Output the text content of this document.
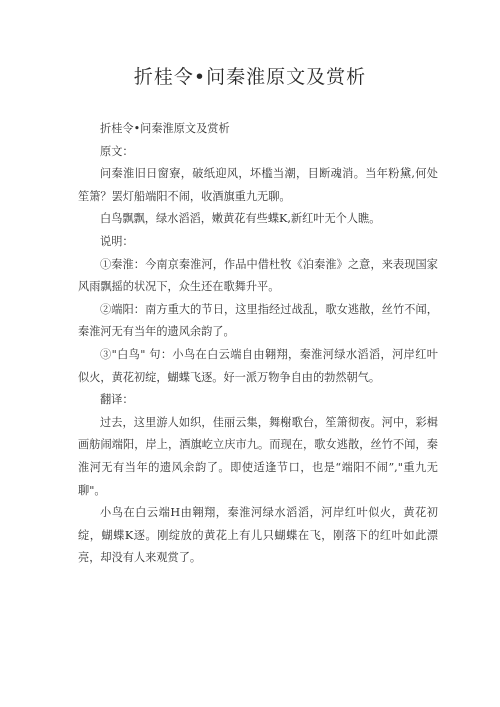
折桂令•问秦淮原文及赏析

折桂令•问秦淮原文及赏析

原文：

问秦淮旧日窗寮，破纸迎风，坏槛当潮，目断魂消。当年粉黛,何处笙箫？罢灯船端阳不闹，收酒旗重九无聊。

白鸟飘飘，绿水滔滔，嫩黄花有些蝶K,新红叶无个人瞧。

说明：

①秦淮：今南京秦淮河，作品中借杜牧《泊秦淮》之意，来表现国家风雨飘摇的状况下，众生还在歌舞升平。

②端阳：南方重大的节日，这里指经过战乱，歌女逃散，丝竹不闻，秦淮河无有当年的遗风余韵了。

③"白鸟" 句：小鸟在白云端自由翱翔，秦淮河绿水滔滔，河岸红叶似火，黄花初绽，蝴蝶飞逐。好一派万物争自由的勃然朝气。

翻译：

过去，这里游人如织，佳丽云集，舞榭歌台，笙箫彻夜。河中，彩楫画舫闹端阳，岸上，酒旗屹立庆市九。而现在，歌女逃散，丝竹不闻，秦淮河无有当年的遗风余韵了。即使适逢节口，也是“端阳不闹”,"重九无聊"。

小鸟在白云端H由翱翔，秦淮河绿水滔滔，河岸红叶似火，黄花初绽，蝴蝶K逐。刚绽放的黄花上有儿只蝴蝶在飞，刚落下的红叶如此漂亮，却没有人来观赏了。
